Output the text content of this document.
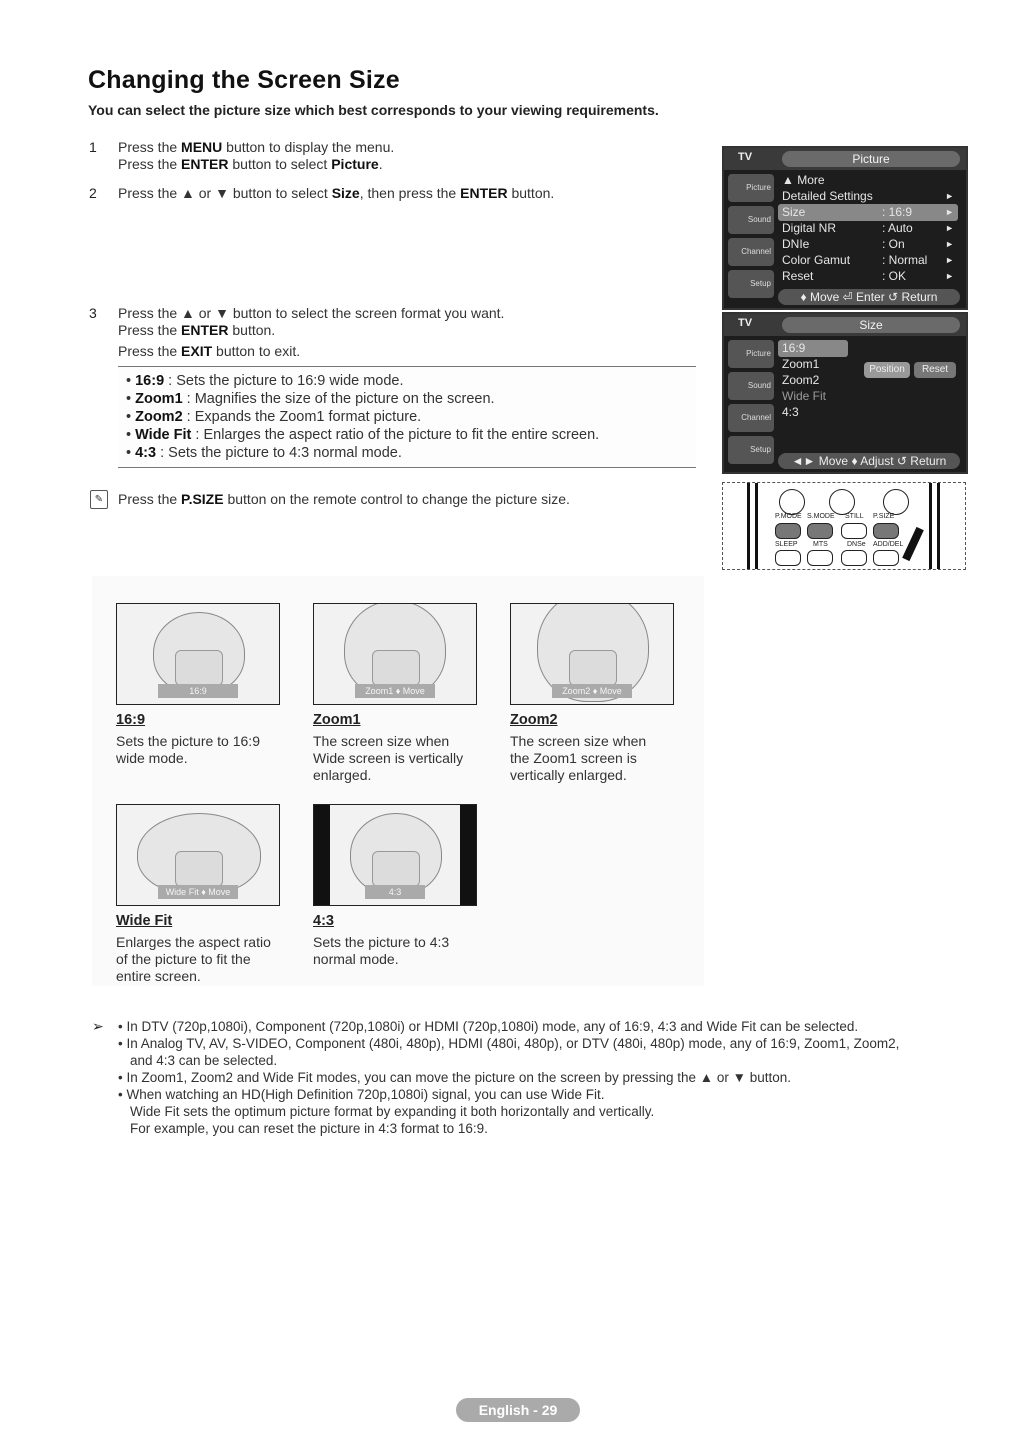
Changing the Screen Size
You can select the picture size which best corresponds to your viewing requirements.
1 Press the MENU button to display the menu.
Press the ENTER button to select Picture.
2 Press the ▲ or ▼ button to select Size, then press the ENTER button.
3 Press the ▲ or ▼ button to select the screen format you want.
Press the ENTER button.
Press the EXIT button to exit.
• 16:9 : Sets the picture to 16:9 wide mode.
• Zoom1 : Magnifies the size of the picture on the screen.
• Zoom2 : Expands the Zoom1 format picture.
• Wide Fit : Enlarges the aspect ratio of the picture to fit the entire screen.
• 4:3 : Sets the picture to 4:3 normal mode.
✎	Press the P.SIZE button on the remote control to change the picture size.
TV	Picture
Picture
Sound
Channel
Setup
▲ More
Detailed Settings	►
Size	: 16:9	►
Digital NR	: Auto	►
DNIe	: On	►
Color Gamut	: Normal ►
Reset	: OK	►
♦ Move ⏎ Enter ↺ Return
TV	Size
Picture
Sound
Channel
Setup
16:9
Zoom1
Zoom2
Wide Fit
4:3
Position	Reset
◄► Move ♦ Adjust ↺ Return
P.MODE S.MODE STILL P.SIZE
SLEEP MTS	DNSe ADD/DEL
16:9
16:9
Sets the picture to 16:9
wide mode.
Zoom1 ♦ Move
Zoom1
The screen size when
Wide screen is vertically
enlarged.
Zoom2 ♦ Move
Zoom2
The screen size when
the Zoom1 screen is
vertically enlarged.
Wide Fit ♦ Move
Wide Fit
Enlarges the aspect ratio
of the picture to fit the
entire screen.
4:3
4:3
Sets the picture to 4:3
normal mode.
➢ • In DTV (720p,1080i), Component (720p,1080i) or HDMI (720p,1080i) mode, any of 16:9, 4:3 and Wide Fit can be selected.
• In Analog TV, AV, S-VIDEO, Component (480i, 480p), HDMI (480i, 480p), or DTV (480i, 480p) mode, any of 16:9, Zoom1, Zoom2,
and 4:3 can be selected.
• In Zoom1, Zoom2 and Wide Fit modes, you can move the picture on the screen by pressing the ▲ or ▼ button.
• When watching an HD(High Definition 720p,1080i) signal, you can use Wide Fit.
Wide Fit sets the optimum picture format by expanding it both horizontally and vertically.
For example, you can reset the picture in 4:3 format to 16:9.
English - 29
